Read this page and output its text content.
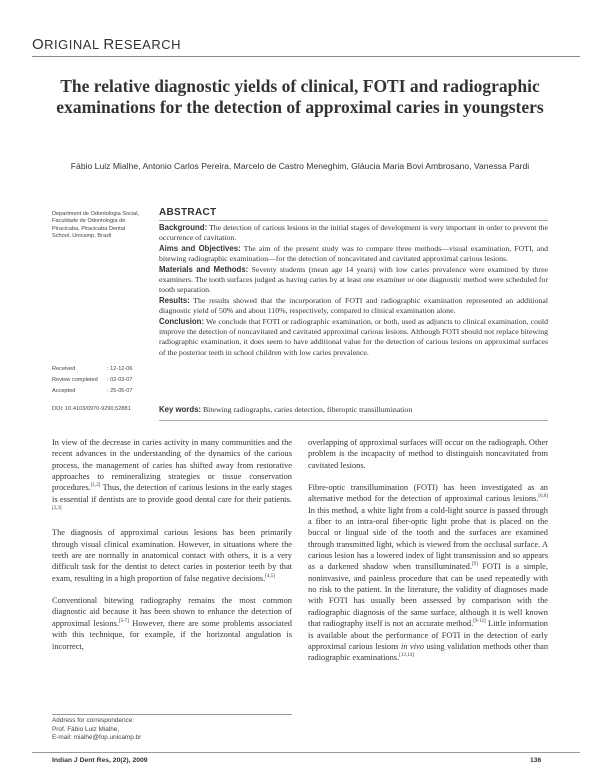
ORIGINAL RESEARCH
The relative diagnostic yields of clinical, FOTI and radiographic examinations for the detection of approximal caries in youngsters
Fábio Luiz Mialhe, Antonio Carlos Pereira, Marcelo de Castro Meneghim, Gláucia Maria Bovi Ambrosano, Vanessa Pardi
Department de Odontologia Social, Faculdade de Odontologia de Piracicaba, Piracicaba Dental School, Unicamp, Brazil
Received	: 12-12-06
Review completed	: 02-03-07
Accepted	: 25-05-07
DOI: 10.4103/0970-9290.52881
ABSTRACT

Background: The detection of carious lesions in the initial stages of development is very important in order to prevent the occurrence of cavitation.

Aims and Objectives: The aim of the present study was to compare three methods—visual examination, FOTI, and bitewing radiographic examination—for the detection of noncavitated and cavitated approximal carious lesions.

Materials and Methods: Seventy students (mean age 14 years) with low caries prevalence were examined by three examiners. The tooth surfaces judged as having caries by at least one examiner or one diagnostic method were scheduled for tooth separation.

Results: The results showed that the incorporation of FOTI and radiographic examination represented an additional diagnostic yield of 50% and about 110%, respectively, compared to clinical examination alone.

Conclusion: We conclude that FOTI or radiographic examination, or both, used as adjuncts to clinical examination, could improve the detection of noncavitated and cavitated approximal carious lesions. Although FOTI should not replace bitewing radiographic examination, it does seem to have additional value for the detection of carious lesions on approximal surfaces of the posterior teeth in school children with low caries prevalence.

Key words: Bitewing radiographs, caries detection, fiberoptic transillumination

In view of the decrease in caries activity in many communities and the recent advances in the understanding of the dynamics of the carious process, the management of caries has shifted away from restorative approaches to remineralizing strategies or tissue conservation procedures.[1,2] Thus, the detection of carious lesions in the early stages is essential if dentists are to provide good dental care for their patients.[2,3]

The diagnosis of approximal carious lesions has been primarily through visual clinical examination. However, in situations where the teeth are are normally in anatomical contact with others, it is a very difficult task for the dentist to detect caries in posterior teeth by that exam, resulting in a high proportion of false negative decisions.[4,5]

Conventional bitewing radiography remains the most common diagnostic aid because it has been shown to enhance the detection of approximal lesions.[5-7] However, there are some problems associated with this technique, for example, if the horizontal angulation is incorrect,

overlapping of approximal surfaces will occur on the radiograph. Other problem is the incapacity of method to distinguish noncavitated from cavitated lesions.

Fibre-optic transillumination (FOTI) has been investigated as an alternative method for the detection of approximal carious lesions.[6,8] In this method, a white light from a cold-light source is passed through a fiber to an intra-oral fiber-optic light probe that is placed on the buccal or lingual side of the tooth and the surfaces are examined through transmitted light, which is viewed from the occlusal surface. A carious lesion has a lowered index of light transmission and so appears as a darkened shadow when transilluminated.[9] FOTI is a simple, noninvasive, and painless procedure that can be used repeatedly with no risk to the patient. In the literature, the validity of diagnoses made with FOTI has usually been assessed by comparison with the radiographic diagnosis of the same surface, although it is well known that radiography itself is not an accurate method.[9-12] Little information is available about the performance of FOTI in the detection of early approximal carious lesions in vivo using validation methods other than radiographic examinations.[13,14]

Address for correspondence:
Prof. Fábio Luiz Mialhe,
E-mail: mialhe@fop.unicamp.br
Indian J Dent Res, 20(2), 2009	136
